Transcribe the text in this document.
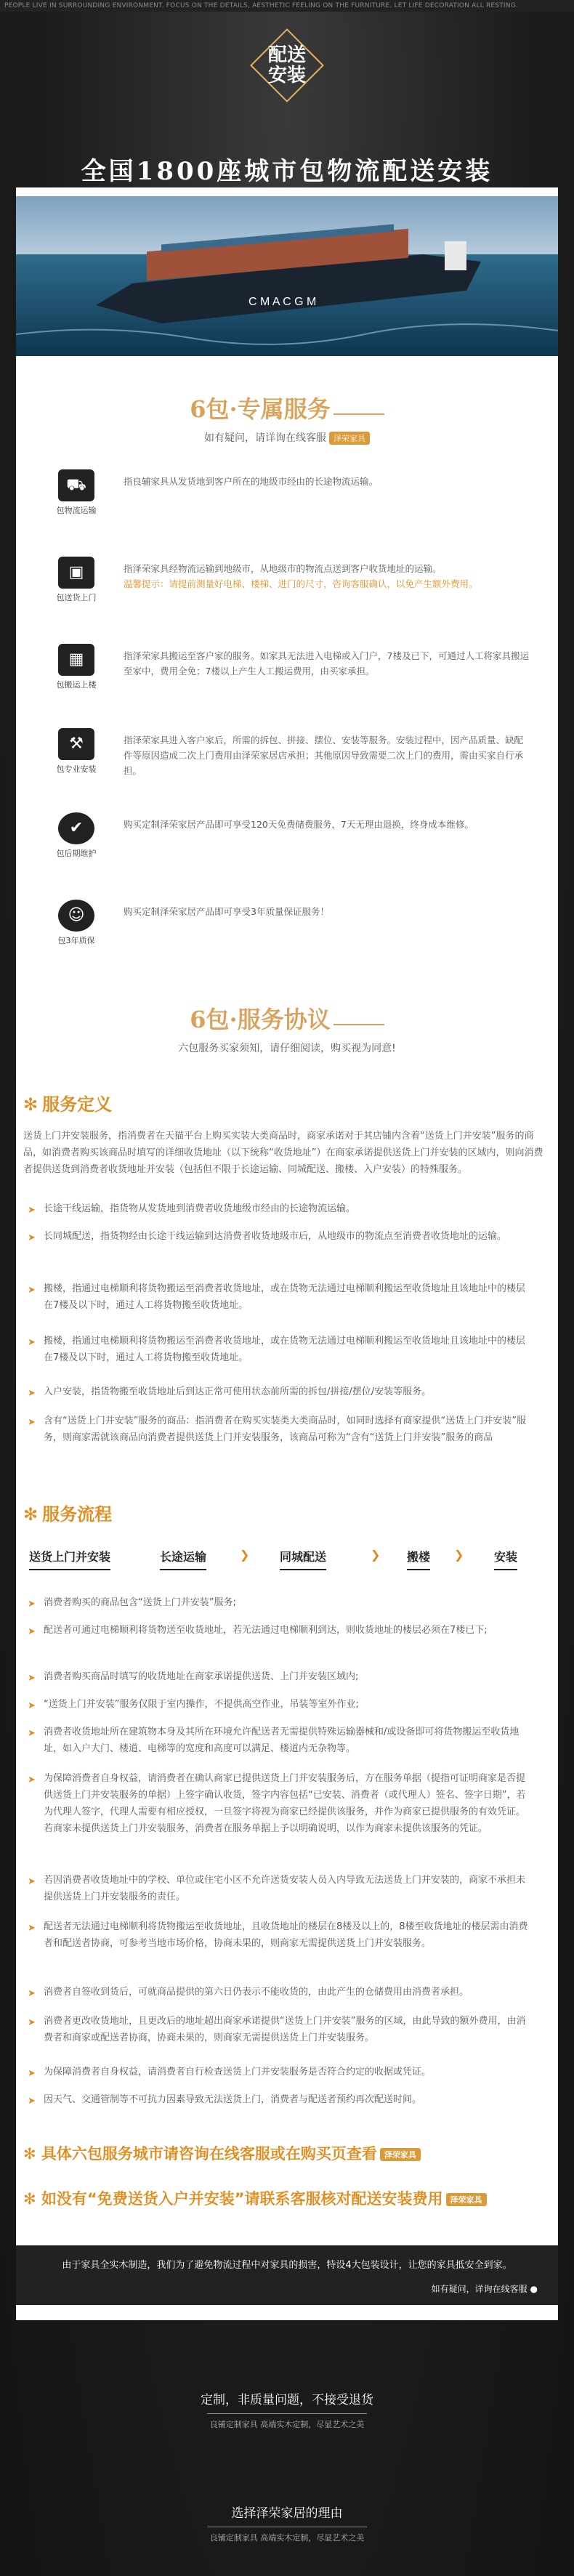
PEOPLE LIVE IN SURROUNDING ENVIRONMENT. FOCUS ON THE DETAILS, AESTHETIC FEELING ON THE FURNITURE. LET LIFE DECORATION ALL RESTING.
配送
安装
全国1800座城市包物流配送安装
C M A C G M
6包·专属服务
如有疑问，请详询在线客服 泽荣家具
⛟
包物流运输
指良辅家具从发货地到客户所在的地级市经由的长途物流运输。
▣
包送货上门
指泽荣家具经物流运输到地级市，从地级市的物流点送到客户收货地址的运输。
温馨提示：请提前测量好电梯、楼梯、进门的尺寸，咨询客服确认，以免产生额外费用。
▦
包搬运上楼
指泽荣家具搬运至客户家的服务。如家具无法进入电梯或入门户，7楼及已下，可通过人工将家具搬运至家中，费用全免；7楼以上产生人工搬运费用，由买家承担。
⚒
包专业安装
指泽荣家具进入客户家后，所需的拆包、拼接、摆位、安装等服务。安装过程中，因产品质量、缺配件等原因造成二次上门费用由泽荣家居店承担；其他原因导致需要二次上门的费用，需由买家自行承担。
✔
包后期维护
购买定制泽荣家居产品即可享受120天免费储费服务，7天无理由退换，终身成本维修。
☺
包3年质保
购买定制泽荣家居产品即可享受3年质量保证服务！
6包·服务协议
六包服务买家须知，请仔细阅读，购买视为同意!
✻ 服务定义
送货上门并安装服务，指消费者在天猫平台上购买实装大类商品时，商家承诺对于其店铺内含着“送货上门并安装”服务的商品，如消费者购买该商品时填写的详细收货地址（以下统称“收货地址”）在商家承诺提供送货上门并安装的区域内，则向消费者提供送货到消费者收货地址并安装（包括但不限于长途运输、同城配送、搬楼、入户安装）的特殊服务。
➤ 长途干线运输，指货物从发货地到消费者收货地级市经由的长途物流运输。
➤ 长同城配送，指货物经由长途干线运输到达消费者收货地级市后，从地级市的物流点至消费者收货地址的运输。
➤ 搬楼，指通过电梯顺利将货物搬运至消费者收货地址，或在货物无法通过电梯顺利搬运至收货地址且该地址中的楼层在7楼及以下时，通过人工将货物搬至收货地址。
➤ 搬楼，指通过电梯顺利将货物搬运至消费者收货地址，或在货物无法通过电梯顺利搬运至收货地址且该地址中的楼层在7楼及以下时，通过人工将货物搬至收货地址。
➤ 入户安装，指货物搬至收货地址后到达正常可使用状态前所需的拆包/拼接/摆位/安装等服务。
➤ 含有“送货上门并安装”服务的商品：指消费者在购买实装类大类商品时，如同时选择有商家提供“送货上门并安装”服务，则商家需就该商品向消费者提供送货上门并安装服务，该商品可称为“含有“送货上门并安装”服务的商品
✻ 服务流程
送货上门并安装	长途运输	❯	同城配送	❯ 搬楼 ❯	安装
➤ 消费者购买的商品包含“送货上门并安装”服务;
➤ 配送者可通过电梯顺利将货物送至收货地址，若无法通过电梯顺利到达，则收货地址的楼层必须在7楼已下;
➤ 消费者购买商品时填写的收货地址在商家承诺提供送货、上门并安装区域内;
➤ “送货上门并安装”服务仅限于室内操作，不提供高空作业，吊装等室外作业;
➤ 消费者收货地址所在建筑物本身及其所在环境允许配送者无需提供特殊运输器械和/或设备即可将货物搬运至收货地址，如入户大门、楼道、电梯等的宽度和高度可以满足、楼道内无杂物等。
➤ 为保障消费者自身权益，请消费者在确认商家已提供送货上门并安装服务后，方在服务单据（提指可证明商家是否提供送货上门并安装服务的单据）上签字确认收货，签字内容包括“已安装、消费者（或代理人）签名、签字日期”，若为代理人签字，代理人需要有相应授权，一旦签字将视为商家已经提供该服务，并作为商家已提供服务的有效凭证。若商家未提供送货上门并安装服务，消费者在服务单据上予以明确说明，以作为商家未提供该服务的凭证。
➤ 若因消费者收货地址中的学校、单位或住宅小区不允许送货安装人员入内导致无法送货上门并安装的，商家不承担未提供送货上门并安装服务的责任。
➤ 配送者无法通过电梯顺利将货物搬运至收货地址，且收货地址的楼层在8楼及以上的，8楼至收货地址的楼层需由消费者和配送者协商，可参考当地市场价格，协商未果的，则商家无需提供送货上门并安装服务。
➤ 消费者自签收到货后，可就商品提供的第六日仍表示不能收货的，由此产生的仓储费用由消费者承担。
➤ 消费者更改收货地址，且更改后的地址超出商家承诺提供“送货上门并安装”服务的区域，由此导致的额外费用，由消费者和商家或配送者协商，协商未果的，则商家无需提供送货上门并安装服务。
➤ 为保障消费者自身权益，请消费者自行检查送货上门并安装服务是否符合约定的收据或凭证。
➤ 因天气、交通管制等不可抗力因素导致无法送货上门，消费者与配送者预约再次配送时间。
✻ 具体六包服务城市请咨询在线客服或在购买页查看 泽荣家具
✻ 如没有“免费送货入户并安装”请联系客服核对配送安装费用 泽荣家具
由于家具全实木制造，我们为了避免物流过程中对家具的损害，特设4大包装设计，让您的家具抵安全到家。
如有疑问，详询在线客服 ●
定制，非质量问题，不接受退货
良铺定制家具 高端实木定制，尽显艺术之美
选择泽荣家居的理由
良铺定制家具 高端实木定制，尽显艺术之美
